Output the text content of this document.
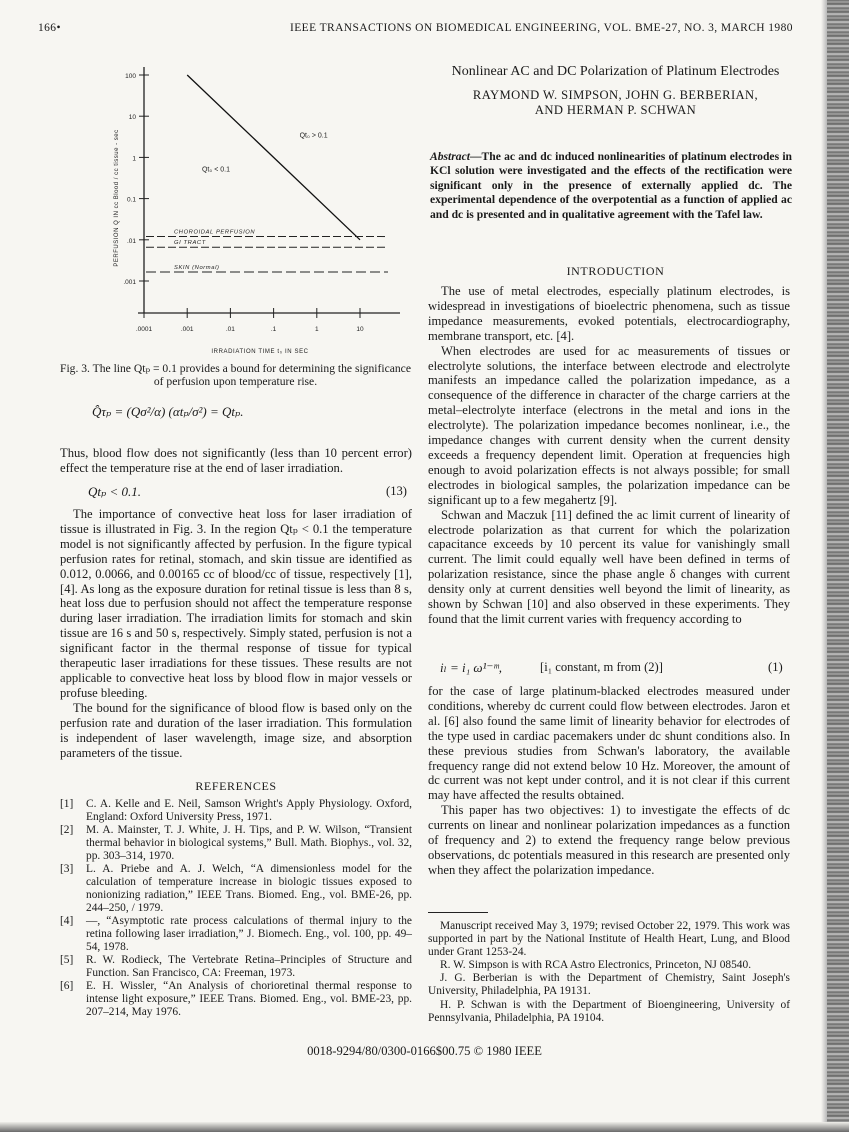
166•	IEEE TRANSACTIONS ON BIOMEDICAL ENGINEERING, VOL. BME-27, NO. 3, MARCH 1980
100
10
1
0.1
.01
.001
.0001	.001	.01	.1	1	10
IRRADIATION TIME t₀ IN SEC
PERFUSION Q IN cc Blood / cc tissue - sec	CHOROIDAL PERFUSION
GI TRACT
SKIN (Normal)
Qt₀ > 0.1
Qt₀ < 0.1
Fig. 3. The line Qtₚ = 0.1 provides a bound for determining the significance of perfusion upon temperature rise.
Q̂τₚ = (Qσ²/α) (αtₚ/σ²) = Qtₚ.

Thus, blood flow does not significantly (less than 10 percent error) effect the temperature rise at the end of laser irradiation.

Qtₚ < 0.1.	(13)

The importance of convective heat loss for laser irradiation of tissue is illustrated in Fig. 3. In the region Qtₚ < 0.1 the temperature model is not significantly affected by perfusion. In the figure typical perfusion rates for retinal, stomach, and skin tissue are identified as 0.012, 0.0066, and 0.00165 cc of blood/cc of tissue, respectively [1], [4]. As long as the exposure duration for retinal tissue is less than 8 s, heat loss due to perfusion should not affect the temperature response during laser irradiation. The irradiation limits for stomach and skin tissue are 16 s and 50 s, respectively. Simply stated, perfusion is not a significant factor in the thermal response of tissue for typical therapeutic laser irradiations for these tissues. These results are not applicable to convective heat loss by blood flow in major vessels or profuse bleeding.

The bound for the significance of blood flow is based only on the perfusion rate and duration of the laser irradiation. This formulation is independent of laser wavelength, image size, and absorption parameters of the tissue.

REFERENCES

[1] C. A. Kelle and E. Neil, Samson Wright's Apply Physiology. Oxford, England: Oxford University Press, 1971.

[2] M. A. Mainster, T. J. White, J. H. Tips, and P. W. Wilson, “Transient thermal behavior in biological systems,” Bull. Math. Biophys., vol. 32, pp. 303–314, 1970.

[3] L. A. Priebe and A. J. Welch, “A dimensionless model for the calculation of temperature increase in biologic tissues exposed to nonionizing radiation,” IEEE Trans. Biomed. Eng., vol. BME-26, pp. 244–250, / 1979.

[4] —, “Asymptotic rate process calculations of thermal injury to the retina following laser irradiation,” J. Biomech. Eng., vol. 100, pp. 49–54, 1978.

[5] R. W. Rodieck, The Vertebrate Retina–Principles of Structure and Function. San Francisco, CA: Freeman, 1973.

[6] E. H. Wissler, “An Analysis of chorioretinal thermal response to intense light exposure,” IEEE Trans. Biomed. Eng., vol. BME-23, pp. 207–214, May 1976.

Nonlinear AC and DC Polarization of Platinum Electrodes
RAYMOND W. SIMPSON, JOHN G. BERBERIAN,
AND HERMAN P. SCHWAN
Abstract—The ac and dc induced nonlinearities of platinum electrodes in KCl solution were investigated and the effects of the rectification were significant only in the presence of externally applied dc. The experimental dependence of the overpotential as a function of applied ac and dc is presented and in qualitative agreement with the Tafel law.
INTRODUCTION

The use of metal electrodes, especially platinum electrodes, is widespread in investigations of bioelectric phenomena, such as tissue impedance measurements, evoked potentials, electrocardiography, membrane transport, etc. [4].

When electrodes are used for ac measurements of tissues or electrolyte solutions, the interface between electrode and electrolyte manifests an impedance called the polarization impedance, as a consequence of the difference in character of the charge carriers at the metal–electrolyte interface (electrons in the metal and ions in the electrolyte). The polarization impedance becomes nonlinear, i.e., the impedance changes with current density when the current density exceeds a frequency dependent limit. Operation at frequencies high enough to avoid polarization effects is not always possible; for small electrodes in biological samples, the polarization impedance can be significant up to a few megahertz [9].

Schwan and Maczuk [11] defined the ac limit current of linearity of electrode polarization as that current for which the polarization capacitance exceeds by 10 percent its value for vanishingly small current. The limit could equally well have been defined in terms of polarization resistance, since the phase angle δ changes with current density only at current densities well beyond the limit of linearity, as shown by Schwan [10] and also observed in these experiments. They found that the limit current varies with frequency according to

iₗ = i₁ ω¹⁻ᵐ,	[i₁ constant, m from (2)]	(1)

for the case of large platinum-blacked electrodes measured under conditions, whereby dc current could flow between electrodes. Jaron et al. [6] also found the same limit of linearity behavior for electrodes of the type used in cardiac pacemakers under dc shunt conditions also. In these previous studies from Schwan's laboratory, the available frequency range did not extend below 10 Hz. Moreover, the amount of dc current was not kept under control, and it is not clear if this current may have affected the results obtained.

This paper has two objectives: 1) to investigate the effects of dc currents on linear and nonlinear polarization impedances as a function of frequency and 2) to extend the frequency range below previous observations, dc potentials measured in this research are presented only when they affect the polarization impedance.

Manuscript received May 3, 1979; revised October 22, 1979. This work was supported in part by the National Institute of Health Heart, Lung, and Blood under Grant 1253-24.

R. W. Simpson is with RCA Astro Electronics, Princeton, NJ 08540.

J. G. Berberian is with the Department of Chemistry, Saint Joseph's University, Philadelphia, PA 19131.

H. P. Schwan is with the Department of Bioengineering, University of Pennsylvania, Philadelphia, PA 19104.

0018-9294/80/0300-0166$00.75 © 1980 IEEE
